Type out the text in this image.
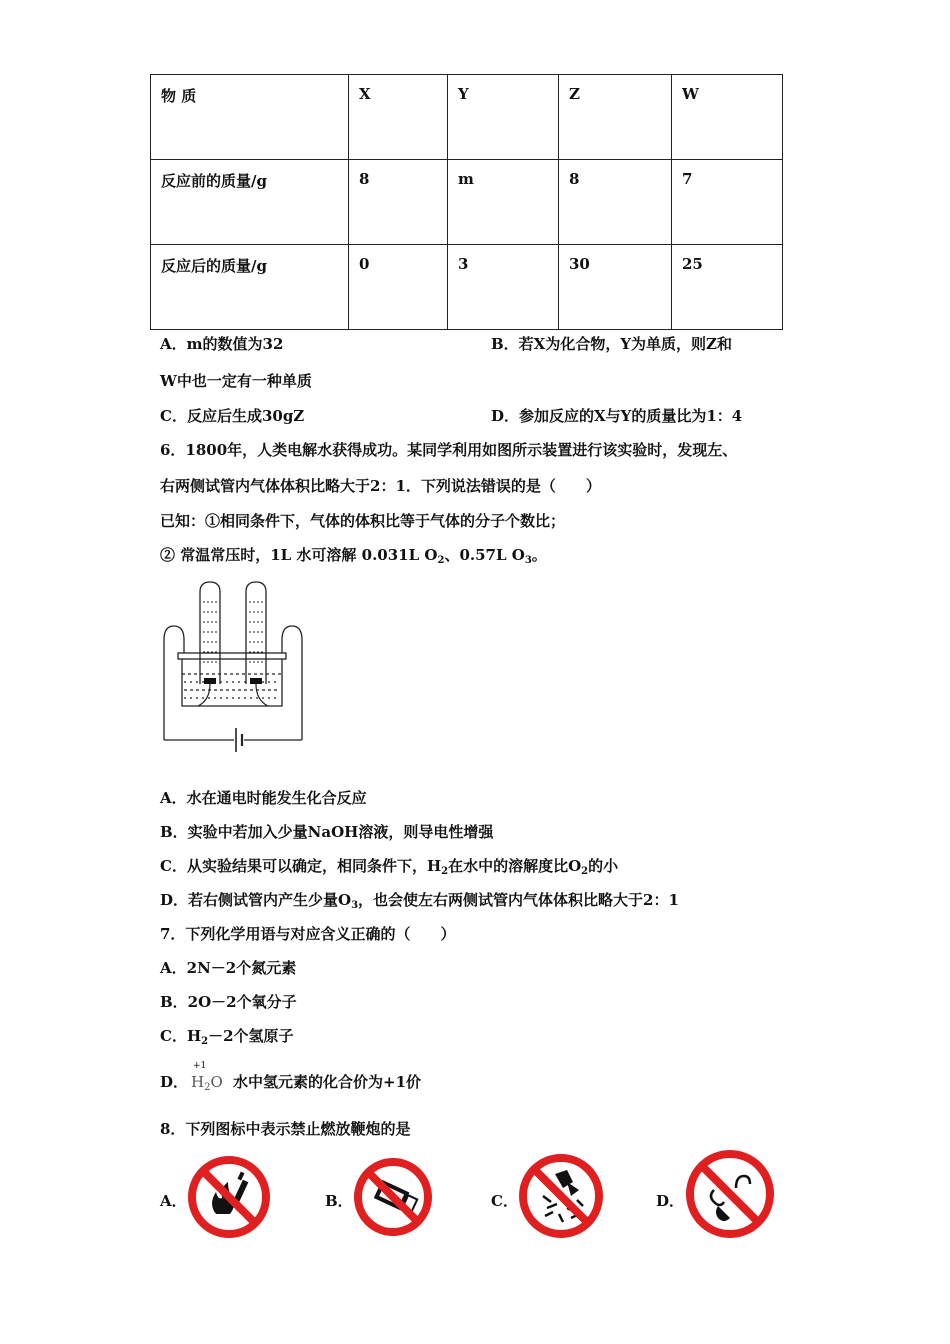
物 质	X	Y	Z	W
反应前的质量/g	8	m	8	7
反应后的质量/g	0	3	30	25
A．m的数值为32	B．若X为化合物，Y为单质，则Z和
W中也一定有一种单质
C．反应后生成30gZ	D．参加反应的X与Y的质量比为1：4
6．1800年，人类电解水获得成功。某同学利用如图所示装置进行该实验时，发现左、
右两侧试管内气体体积比略大于2：1．下列说法错误的是（　　）
已知：①相同条件下，气体的体积比等于气体的分子个数比；
② 常温常压时，1L 水可溶解 0.031L $O_2$、0.57L $O_3$。
A．水在通电时能发生化合反应
B．实验中若加入少量NaOH溶液，则导电性增强
C．从实验结果可以确定，相同条件下，$H_2$在水中的溶解度比$O_2$的小
D．若右侧试管内产生少量$O_3$，也会使左右两侧试管内气体体积比略大于2：1
7．下列化学用语与对应含义正确的（　　）
A．2N－2个氮元素
B．2O－2个氧分子
C．$H_2-2$个氢原子
D．
+1
$H_2O$ 水中氢元素的化合价为+1价
8．下列图标中表示禁止燃放鞭炮的是
A．	B．	C．	D．
